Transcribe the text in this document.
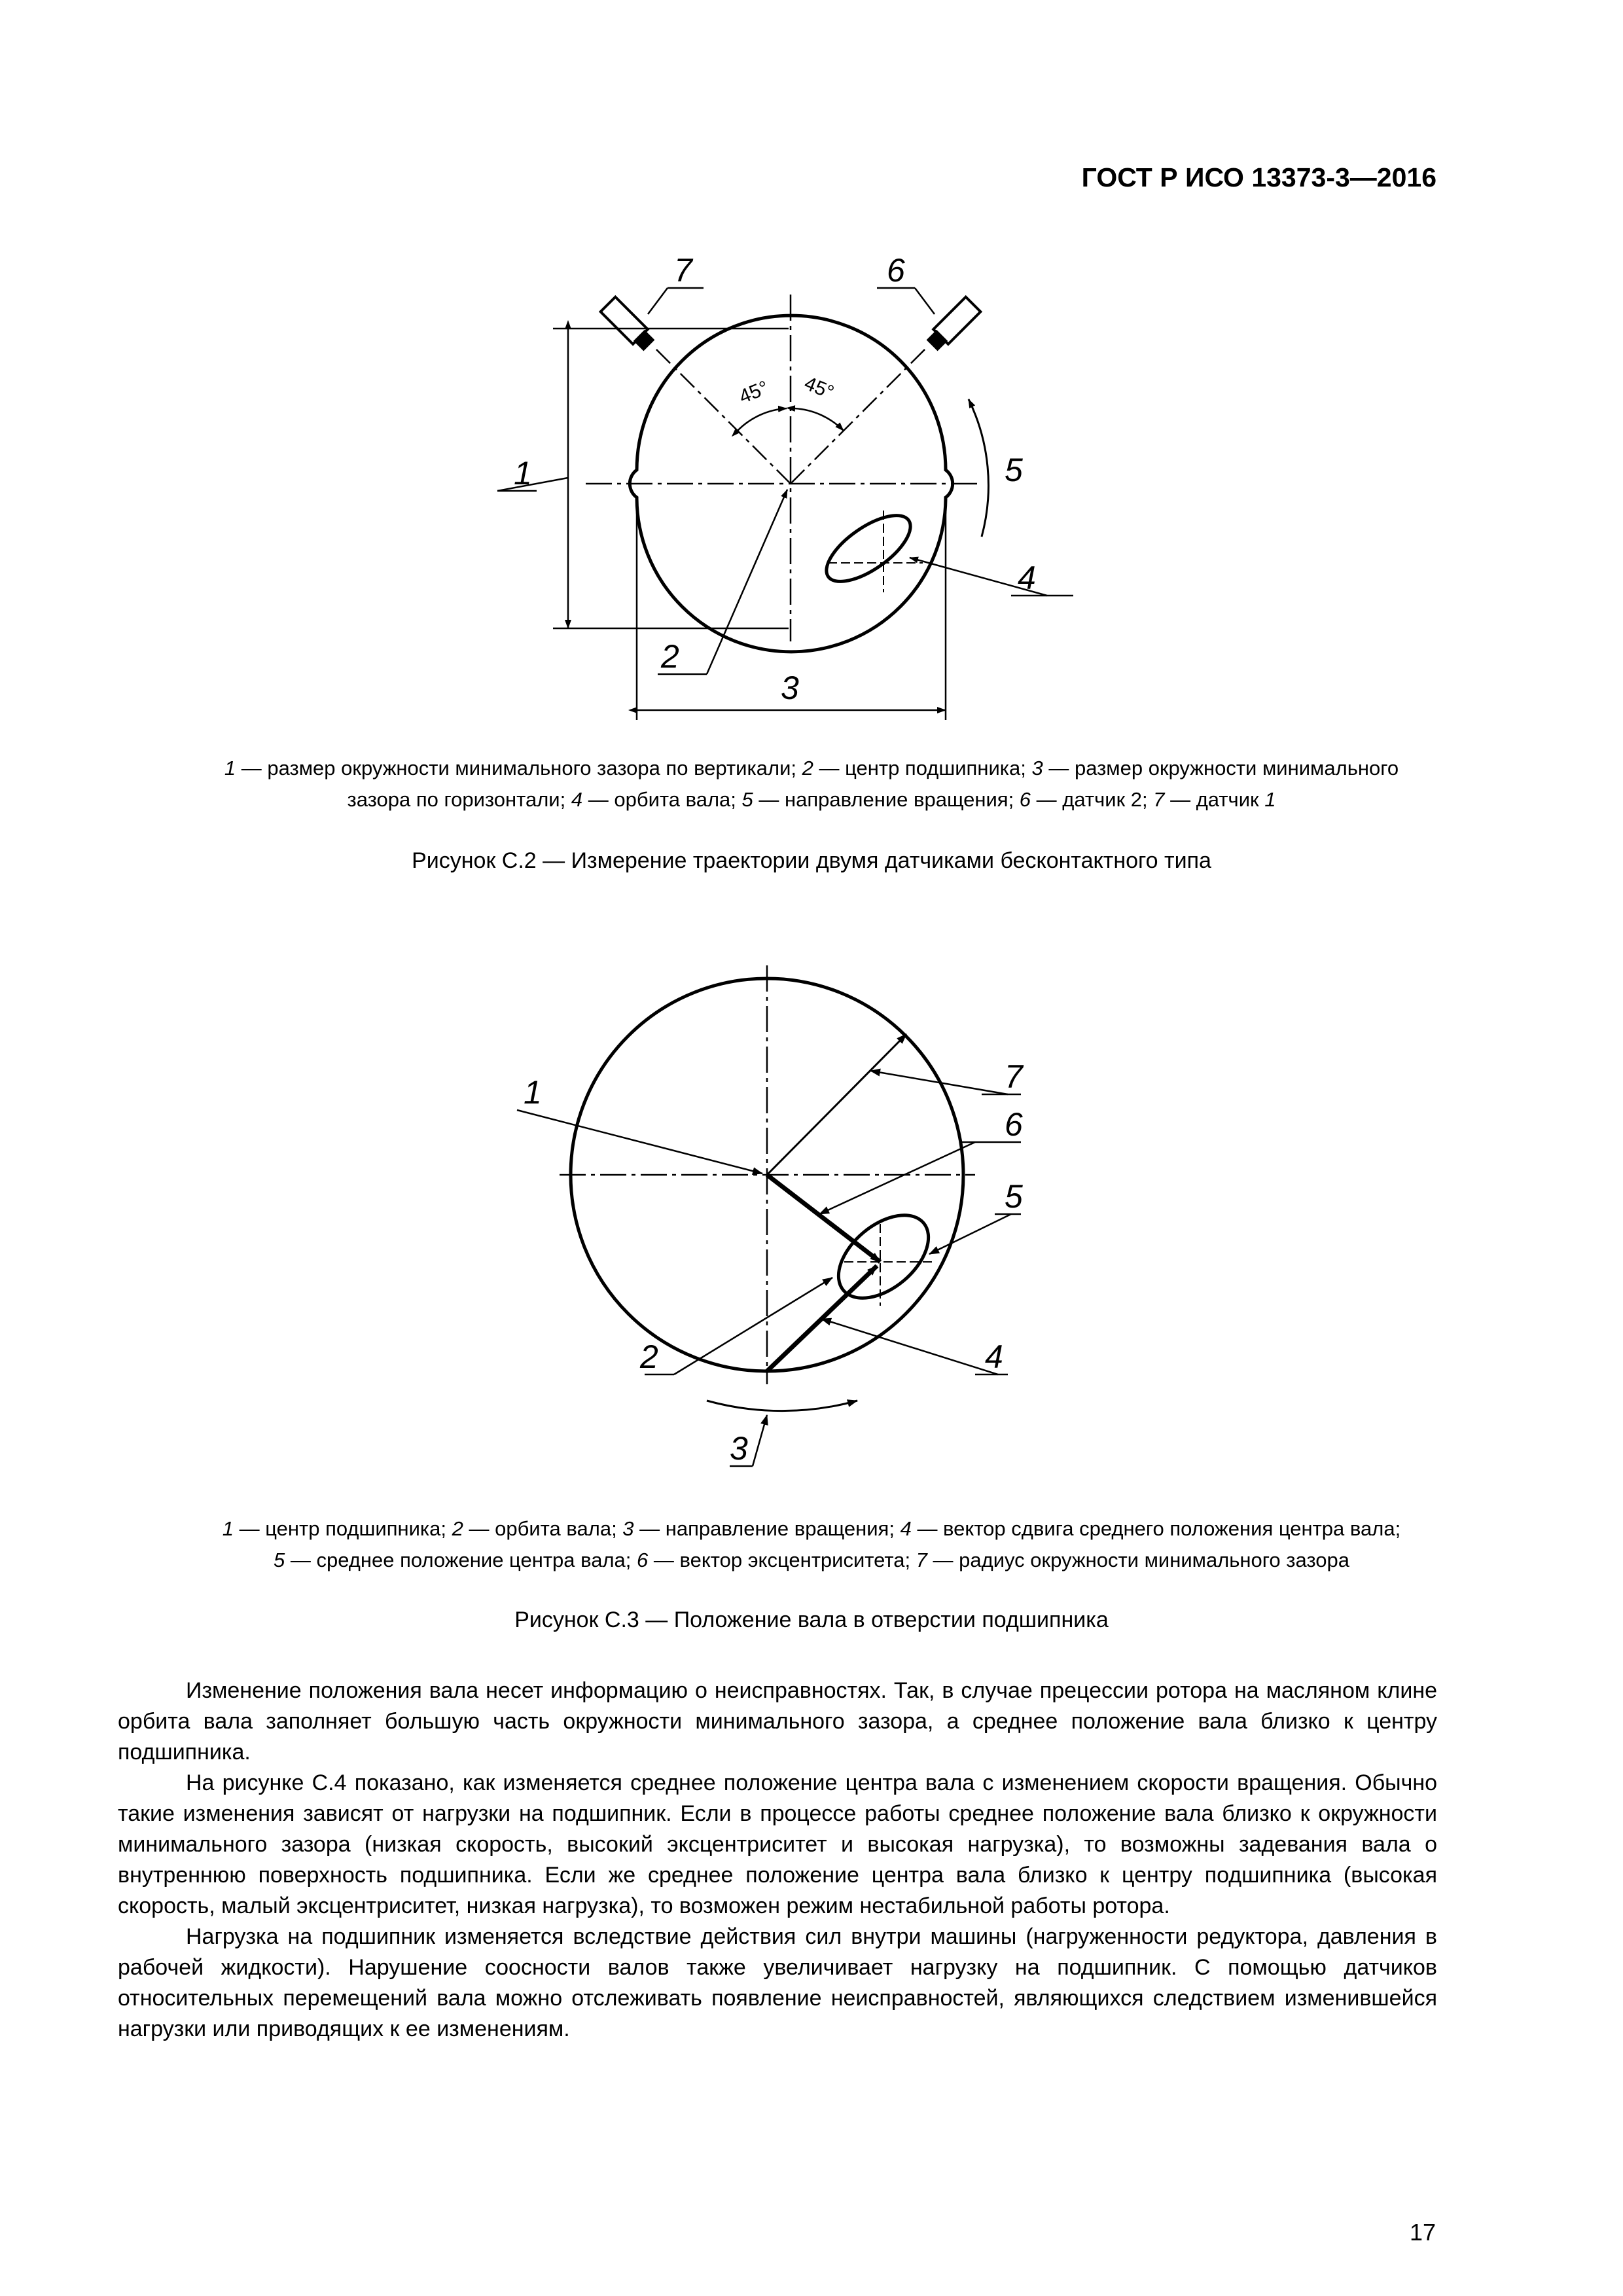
ГОСТ Р ИСО 13373-3—2016
45° 45°
1
2
3
4
5
6
7
1 — размер окружности минимального зазора по вертикали; 2 — центр подшипника; 3 — размер окружности минимального
зазора по горизонтали; 4 — орбита вала; 5 — направление вращения; 6 — датчик 2; 7 — датчик 1
Рисунок С.2 — Измерение траектории двумя датчиками бесконтактного типа
1
2
3
4
5
6
7
1 — центр подшипника; 2 — орбита вала; 3 — направление вращения; 4 — вектор сдвига среднего положения центра вала;
5 — среднее положение центра вала; 6 — вектор эксцентриситета; 7 — радиус окружности минимального зазора
Рисунок С.3 — Положение вала в отверстии подшипника

Изменение положения вала несет информацию о неисправностях. Так, в случае прецессии ротора на масляном клине орбита вала заполняет большую часть окружности минимального зазора, а среднее положение вала близко к центру подшипника.

На рисунке С.4 показано, как изменяется среднее положение центра вала с изменением скорости вращения. Обычно такие изменения зависят от нагрузки на подшипник. Если в процессе работы среднее положение вала близко к окружности минимального зазора (низкая скорость, высокий эксцентриситет и высокая нагрузка), то возможны задевания вала о внутреннюю поверхность подшипника. Если же среднее положение центра вала близко к центру подшипника (высокая скорость, малый эксцентриситет, низкая нагрузка), то возможен режим нестабильной работы ротора.

Нагрузка на подшипник изменяется вследствие действия сил внутри машины (нагруженности редуктора, давления в рабочей жидкости). Нарушение соосности валов также увеличивает нагрузку на подшипник. С помощью датчиков относительных перемещений вала можно отслеживать появление неисправностей, являющихся следствием изменившейся нагрузки или приводящих к ее изменениям.

17
